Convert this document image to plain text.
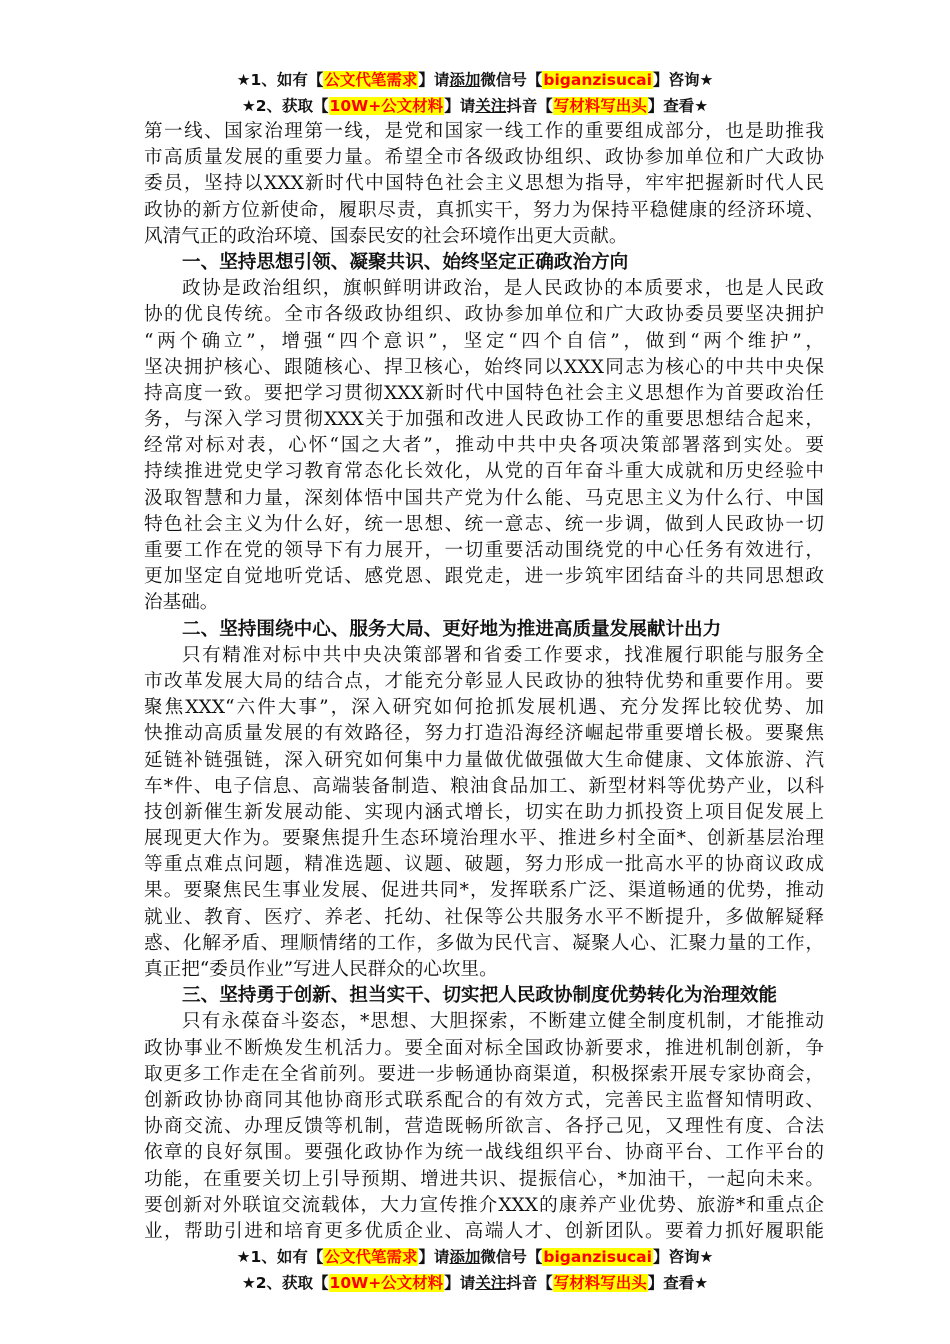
★1、如有【公文代笔需求】请添加微信号【biganzisucai】咨询★
★2、获取【10W+公文材料】请关注抖音【写材料写出头】查看★
第一线、国家治理第一线，是党和国家一线工作的重要组成部分，也是助推我
市高质量发展的重要力量。希望全市各级政协组织、政协参加单位和广大政协
委员，坚持以XXX新时代中国特色社会主义思想为指导，牢牢把握新时代人民
政协的新方位新使命，履职尽责，真抓实干，努力为保持平稳健康的经济环境、
风清气正的政治环境、国泰民安的社会环境作出更大贡献。
一、坚持思想引领、凝聚共识、始终坚定正确政治方向
政协是政治组织，旗帜鲜明讲政治，是人民政协的本质要求，也是人民政
协的优良传统。全市各级政协组织、政协参加单位和广大政协委员要坚决拥护
“两个确立”，增强“四个意识”，坚定“四个自信”，做到“两个维护”，
坚决拥护核心、跟随核心、捍卫核心，始终同以XXX同志为核心的中共中央保
持高度一致。要把学习贯彻XXX新时代中国特色社会主义思想作为首要政治任
务，与深入学习贯彻XXX关于加强和改进人民政协工作的重要思想结合起来，
经常对标对表，心怀“国之大者”，推动中共中央各项决策部署落到实处。要
持续推进党史学习教育常态化长效化，从党的百年奋斗重大成就和历史经验中
汲取智慧和力量，深刻体悟中国共产党为什么能、马克思主义为什么行、中国
特色社会主义为什么好，统一思想、统一意志、统一步调，做到人民政协一切
重要工作在党的领导下有力展开，一切重要活动围绕党的中心任务有效进行，
更加坚定自觉地听党话、感党恩、跟党走，进一步筑牢团结奋斗的共同思想政
治基础。
二、坚持围绕中心、服务大局、更好地为推进高质量发展献计出力
只有精准对标中共中央决策部署和省委工作要求，找准履行职能与服务全
市改革发展大局的结合点，才能充分彰显人民政协的独特优势和重要作用。要
聚焦XXX“六件大事”，深入研究如何抢抓发展机遇、充分发挥比较优势、加
快推动高质量发展的有效路径，努力打造沿海经济崛起带重要增长极。要聚焦
延链补链强链，深入研究如何集中力量做优做强做大生命健康、文体旅游、汽
车*件、电子信息、高端装备制造、粮油食品加工、新型材料等优势产业，以科
技创新催生新发展动能、实现内涵式增长，切实在助力抓投资上项目促发展上
展现更大作为。要聚焦提升生态环境治理水平、推进乡村全面*、创新基层治理
等重点难点问题，精准选题、议题、破题，努力形成一批高水平的协商议政成
果。要聚焦民生事业发展、促进共同*，发挥联系广泛、渠道畅通的优势，推动
就业、教育、医疗、养老、托幼、社保等公共服务水平不断提升，多做解疑释
惑、化解矛盾、理顺情绪的工作，多做为民代言、凝聚人心、汇聚力量的工作，
真正把“委员作业”写进人民群众的心坎里。
三、坚持勇于创新、担当实干、切实把人民政协制度优势转化为治理效能
只有永葆奋斗姿态，*思想、大胆探索，不断建立健全制度机制，才能推动
政协事业不断焕发生机活力。要全面对标全国政协新要求，推进机制创新，争
取更多工作走在全省前列。要进一步畅通协商渠道，积极探索开展专家协商会，
创新政协协商同其他协商形式联系配合的有效方式，完善民主监督知情明政、
协商交流、办理反馈等机制，营造既畅所欲言、各抒己见，又理性有度、合法
依章的良好氛围。要强化政协作为统一战线组织平台、协商平台、工作平台的
功能，在重要关切上引导预期、增进共识、提振信心，*加油干，一起向未来。
要创新对外联谊交流载体，大力宣传推介XXX的康养产业优势、旅游*和重点企
业，帮助引进和培育更多优质企业、高端人才、创新团队。要着力抓好履职能
★1、如有【公文代笔需求】请添加微信号【biganzisucai】咨询★
★2、获取【10W+公文材料】请关注抖音【写材料写出头】查看★
